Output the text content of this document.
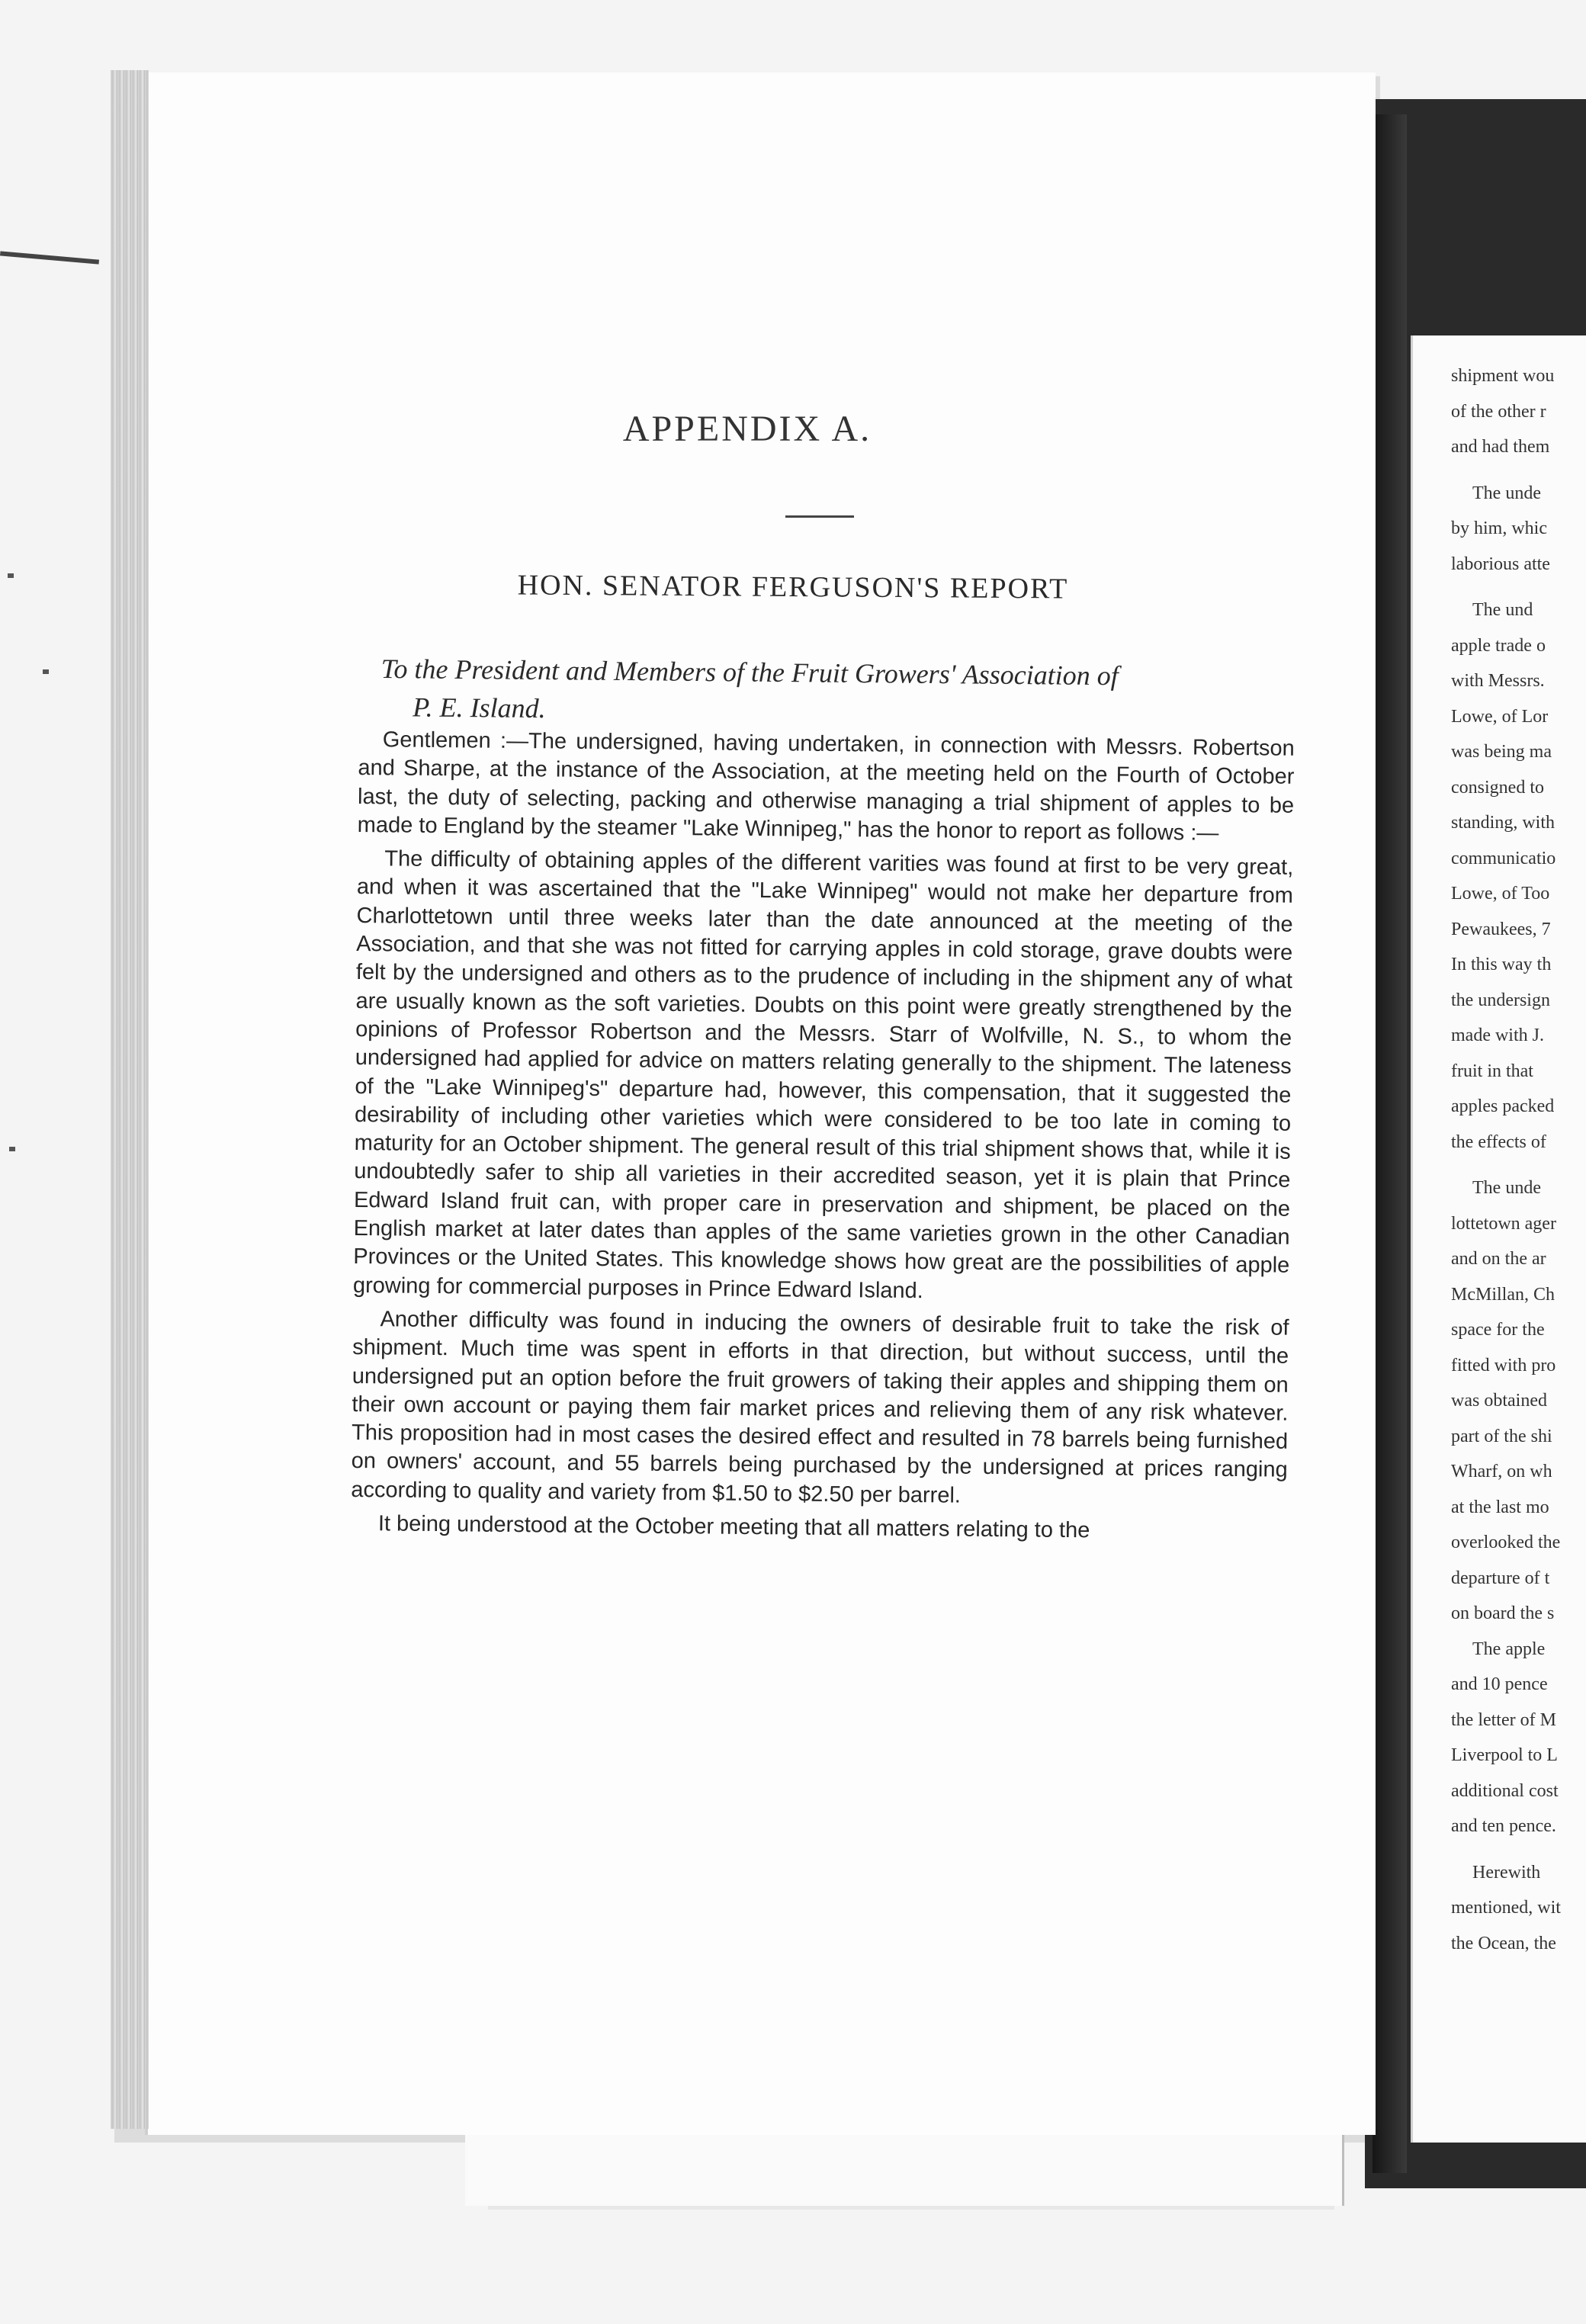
APPENDIX A.
HON. SENATOR FERGUSON'S REPORT
To the President and Members of the Fruit Growers' Association of
P. E. Island.

Gentlemen :—The undersigned, having undertaken, in connection with Messrs. Robertson and Sharpe, at the instance of the Association, at the meeting held on the Fourth of October last, the duty of selecting, packing and otherwise managing a trial shipment of apples to be made to England by the steamer "Lake Winnipeg," has the honor to report as follows :—

The difficulty of obtaining apples of the different varities was found at first to be very great, and when it was ascertained that the "Lake Winnipeg" would not make her departure from Charlottetown until three weeks later than the date announced at the meeting of the Association, and that she was not fitted for carrying apples in cold storage, grave doubts were felt by the undersigned and others as to the prudence of including in the shipment any of what are usually known as the soft varieties. Doubts on this point were greatly strengthened by the opinions of Professor Robertson and the Messrs. Starr of Wolfville, N. S., to whom the undersigned had applied for advice on matters relating generally to the shipment. The lateness of the "Lake Winnipeg's" departure had, however, this compensation, that it suggested the desirability of including other varieties which were considered to be too late in coming to maturity for an October shipment. The general result of this trial shipment shows that, while it is undoubtedly safer to ship all varieties in their accredited season, yet it is plain that Prince Edward Island fruit can, with proper care in preservation and shipment, be placed on the English market at later dates than apples of the same varieties grown in the other Canadian Provinces or the United States. This knowledge shows how great are the possibilities of apple growing for commercial purposes in Prince Edward Island.

Another difficulty was found in inducing the owners of desirable fruit to take the risk of shipment. Much time was spent in efforts in that direction, but without success, until the undersigned put an option before the fruit growers of taking their apples and shipping them on their own account or paying them fair market prices and relieving them of any risk whatever. This proposition had in most cases the desired effect and resulted in 78 barrels being furnished on owners' account, and 55 barrels being purchased by the undersigned at prices ranging according to quality and variety from $1.50 to $2.50 per barrel.

It being understood at the October meeting that all matters relating to the

shipment wou
of the other r
and had them
The unde
by him, whic
laborious atte
The und
apple trade o
with Messrs.
Lowe, of Lor
was being ma
consigned to
standing, with
communicatio
Lowe, of Too
Pewaukees, 7
In this way th
the undersign
made with J.
fruit in that
apples packed
the effects of
The unde
lottetown ager
and on the ar
McMillan, Ch
space for the
fitted with pro
was obtained
part of the shi
Wharf, on wh
at the last mo
overlooked the
departure of t
on board the s
The apple
and 10 pence
the letter of M
Liverpool to L
additional cost
and ten pence.
Herewith
mentioned, wit
the Ocean, the
